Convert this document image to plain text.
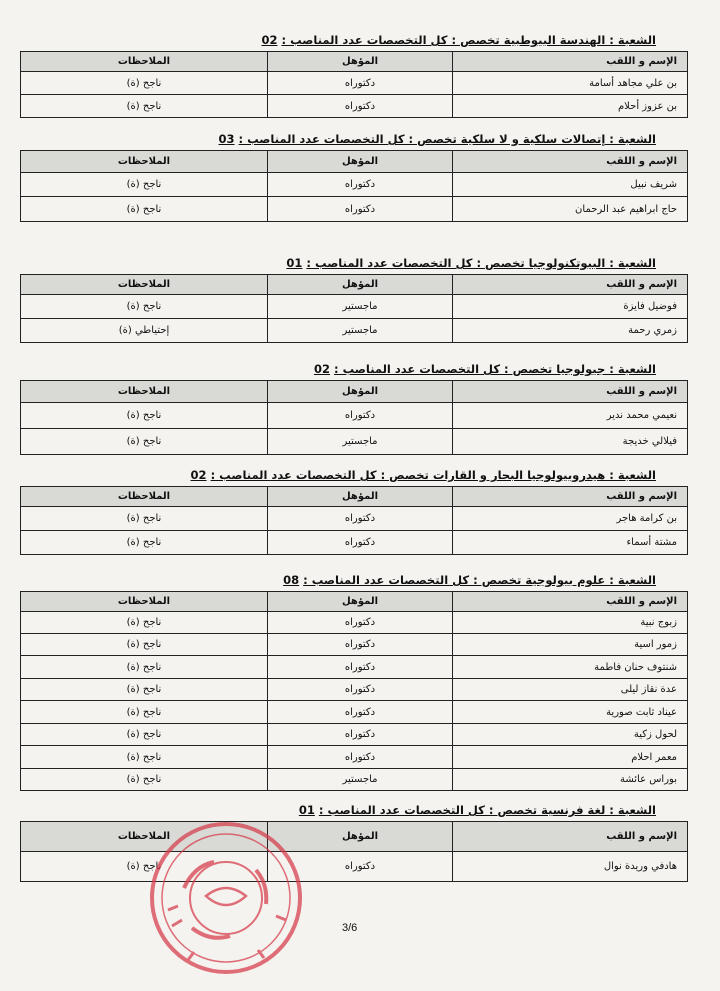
الشعبة : الهندسة البيوطبية تخصص : كل التخصصات عدد المناصب :02
الإسم و اللقب	المؤهل	الملاحظات
بن علي مجاهد أسامة	دكتوراه	ناجح (ة)
بن عزوز أحلام	دكتوراه	ناجح (ة)
الشعبة : إتصالات سلكية و لا سلكية تخصص : كل التخصصات عدد المناصب :03
الإسم و اللقب	المؤهل	الملاحظات
شريف نبيل	دكتوراه	ناجح (ة)
حاج ابراهيم عبد الرحمان	دكتوراه	ناجح (ة)
الشعبة : البيوتكنولوجيا تخصص : كل التخصصات عدد المناصب :01
الإسم و اللقب	المؤهل	الملاحظات
فوضيل فايزة	ماجستير	ناجح (ة)
زمري رحمة	ماجستير	إحتياطي (ة)
الشعبة : جيولوجيا تخصص : كل التخصصات عدد المناصب :02
الإسم و اللقب	المؤهل	الملاحظات
نعيمي محمد ندير	دكتوراه	ناجح (ة)
فيلالي خديجة	ماجستير	ناجح (ة)
الشعبة : هيدروبيولوجيا البحار و القارات تخصص : كل التخصصات عدد المناصب :02
الإسم و اللقب	المؤهل	الملاحظات
بن كرامة هاجر	دكتوراه	ناجح (ة)
مشتة أسماء	دكتوراه	ناجح (ة)
الشعبة : علوم بيولوجية تخصص : كل التخصصات عدد المناصب :08
الإسم و اللقب	المؤهل	الملاحظات
زبوج نبية	دكتوراه	ناجح (ة)
زمور اسية	دكتوراه	ناجح (ة)
شنتوف حنان فاطمة	دكتوراه	ناجح (ة)
عدة نقاز ليلى	دكتوراه	ناجح (ة)
عيناد ثابت صورية	دكتوراه	ناجح (ة)
لحول زكية	دكتوراه	ناجح (ة)
معمر احلام	دكتوراه	ناجح (ة)
بوراس عائشة	ماجستير	ناجح (ة)
الشعبة : لغة فرنسية تخصص : كل التخصصات عدد المناصب :01
الإسم و اللقب	المؤهل	الملاحظات
هادفي وريدة نوال	دكتوراه	ناجح (ة)
3/6
